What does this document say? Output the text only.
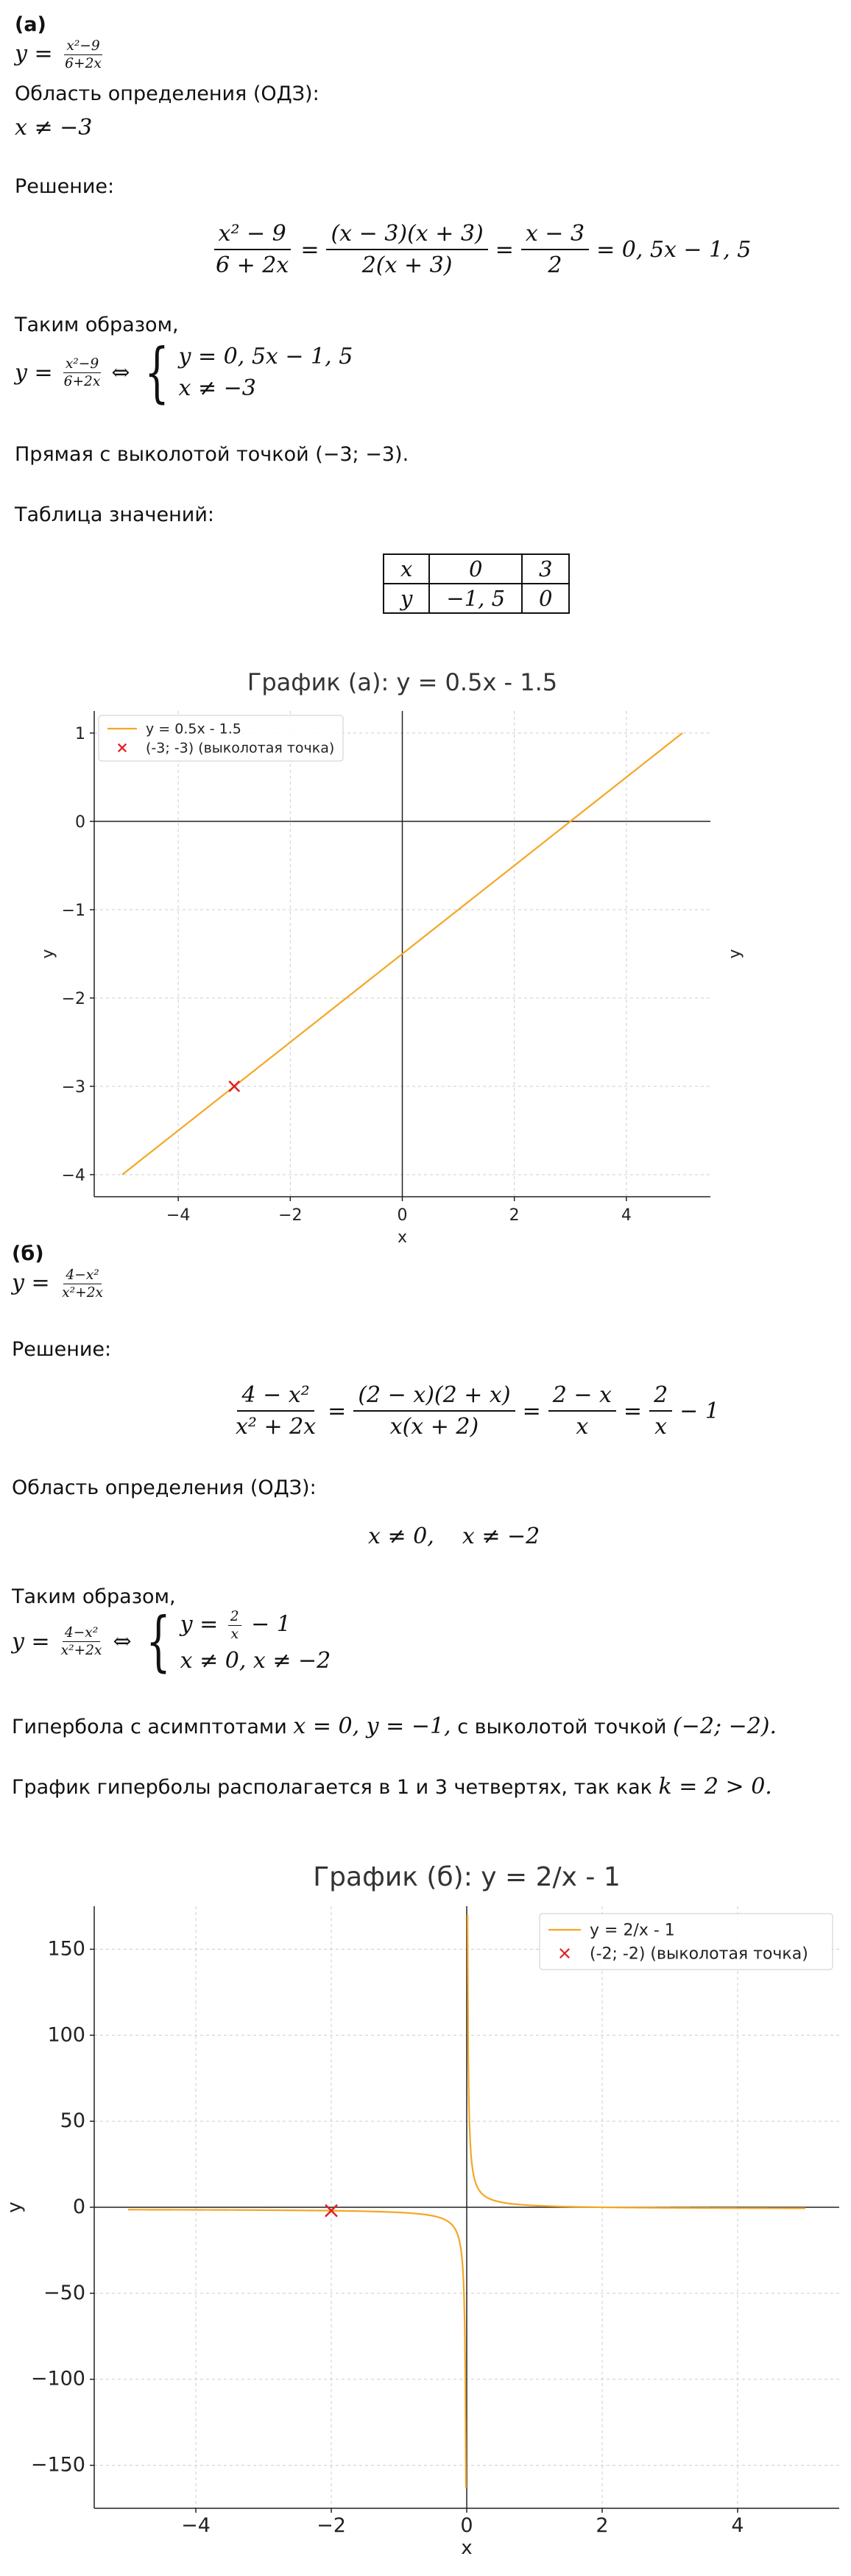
(а)
$y = \frac{\text{x²−9}}{6+2x}$
Область определения (ОДЗ):
x ≠ −3
Решение:
$\frac{\text{x² − 9}}{6 + 2x} = \frac{(x - 3)(x + 3)}{2(x + 3)} = \frac{x - 3}{2} = 0$, 5x − 1, 5
Таким образом,
$y = \frac{\text{x²−9}}{6+2x}$ ⇔ { y = 0, 5x − 1, 5
x ≠ −3
Прямая с выколотой точкой (−3; −3).
Таблица значений:
x	0	3
y	−1, 5	0
График (а): y = 0.5x - 1.5
−4	−2	0	2	4
−4
−3
−2
−1
0
1
x
y	y
y = 0.5x - 1.5
(-3; -3) (выколотая точка)
(б)
$y = \frac{\text{4−x²}}{\text{x²+2x}}$
Решение:
$\frac{\text{4 − x²}}{\text{x² + 2x}} = \frac{(2 - x)(2 + x)}{x(x + 2)} = \frac{2 - x}{x} = \frac{2}{x} - 1$
Область определения (ОДЗ):
x ≠ 0,    x ≠ −2
Таким образом,
$y = \frac{\text{4−x²}}{\text{x²+2x}}$ ⇔ { $y = \frac{2}{x} - 1$
x ≠ 0, x ≠ −2
Гипербола с асимптотами x = 0, y = −1, с выколотой точкой (−2; −2).
График гиперболы располагается в 1 и 3 четвертях, так как k = 2 > 0.
График (б): y = 2/x - 1
−4	−2	0	2	4
−150
−100
−50
0
50
100
150
x
y
y = 2/x - 1
(-2; -2) (выколотая точка)
